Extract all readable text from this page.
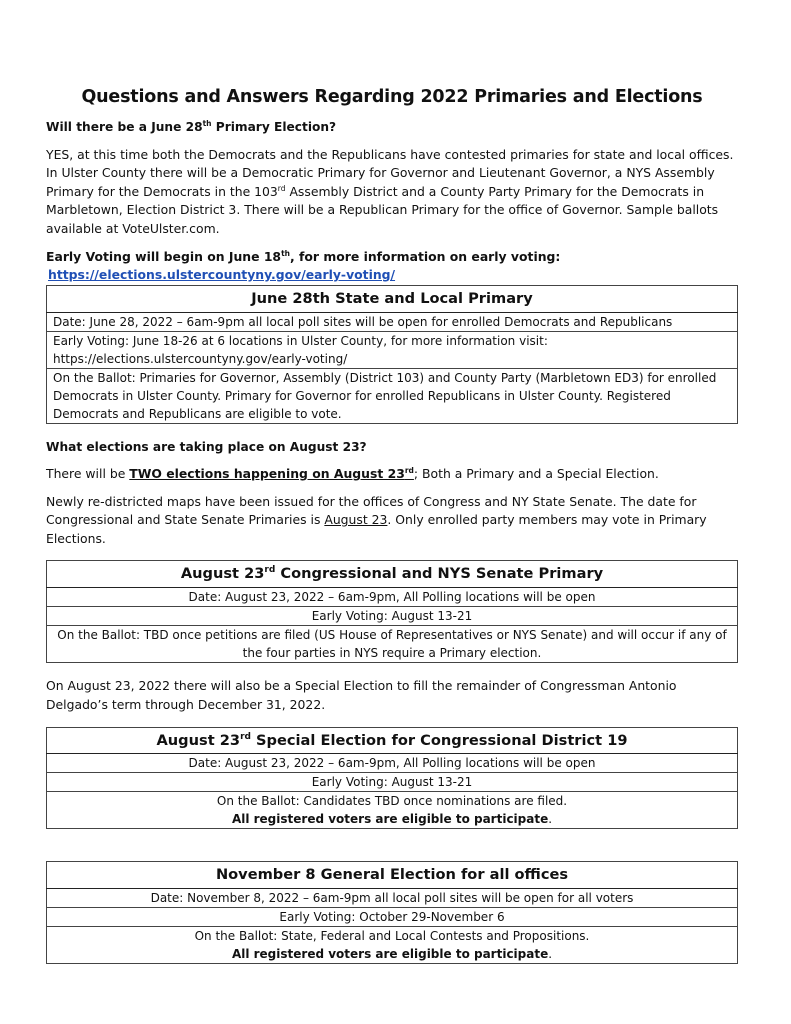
Questions and Answers Regarding 2022 Primaries and Elections
Will there be a June 28th Primary Election?

YES, at this time both the Democrats and the Republicans have contested primaries for state and local offices. In Ulster County there will be a Democratic Primary for Governor and Lieutenant Governor, a NYS Assembly Primary for the Democrats in the 103rd Assembly District and a County Party Primary for the Democrats in Marbletown, Election District 3. There will be a Republican Primary for the office of Governor. Sample ballots available at VoteUlster.com.

Early Voting will begin on June 18th, for more information on early voting:
https://elections.ulstercountyny.gov/early-voting/
June 28th State and Local Primary
Date: June 28, 2022 – 6am-9pm all local poll sites will be open for enrolled Democrats and Republicans
Early Voting: June 18-26 at 6 locations in Ulster County, for more information visit: https://elections.ulstercountyny.gov/early-voting/
On the Ballot: Primaries for Governor, Assembly (District 103) and County Party (Marbletown ED3) for enrolled Democrats in Ulster County. Primary for Governor for enrolled Republicans in Ulster County. Registered Democrats and Republicans are eligible to vote.
What elections are taking place on August 23?

There will be TWO elections happening on August 23rd; Both a Primary and a Special Election.

Newly re-districted maps have been issued for the offices of Congress and NY State Senate. The date for Congressional and State Senate Primaries is August 23. Only enrolled party members may vote in Primary Elections.

August 23rd Congressional and NYS Senate Primary
Date: August 23, 2022 – 6am-9pm, All Polling locations will be open
Early Voting: August 13-21
On the Ballot: TBD once petitions are filed (US House of Representatives or NYS Senate) and will occur if any of the four parties in NYS require a Primary election.

On August 23, 2022 there will also be a Special Election to fill the remainder of Congressman Antonio Delgado’s term through December 31, 2022.

August 23rd Special Election for Congressional District 19
Date: August 23, 2022 – 6am-9pm, All Polling locations will be open
Early Voting: August 13-21

On the Ballot: Candidates TBD once nominations are filed.
All registered voters are eligible to participate.
November 8 General Election for all offices
Date: November 8, 2022 – 6am-9pm all local poll sites will be open for all voters
Early Voting: October 29-November 6

On the Ballot: State, Federal and Local Contests and Propositions.
All registered voters are eligible to participate.
